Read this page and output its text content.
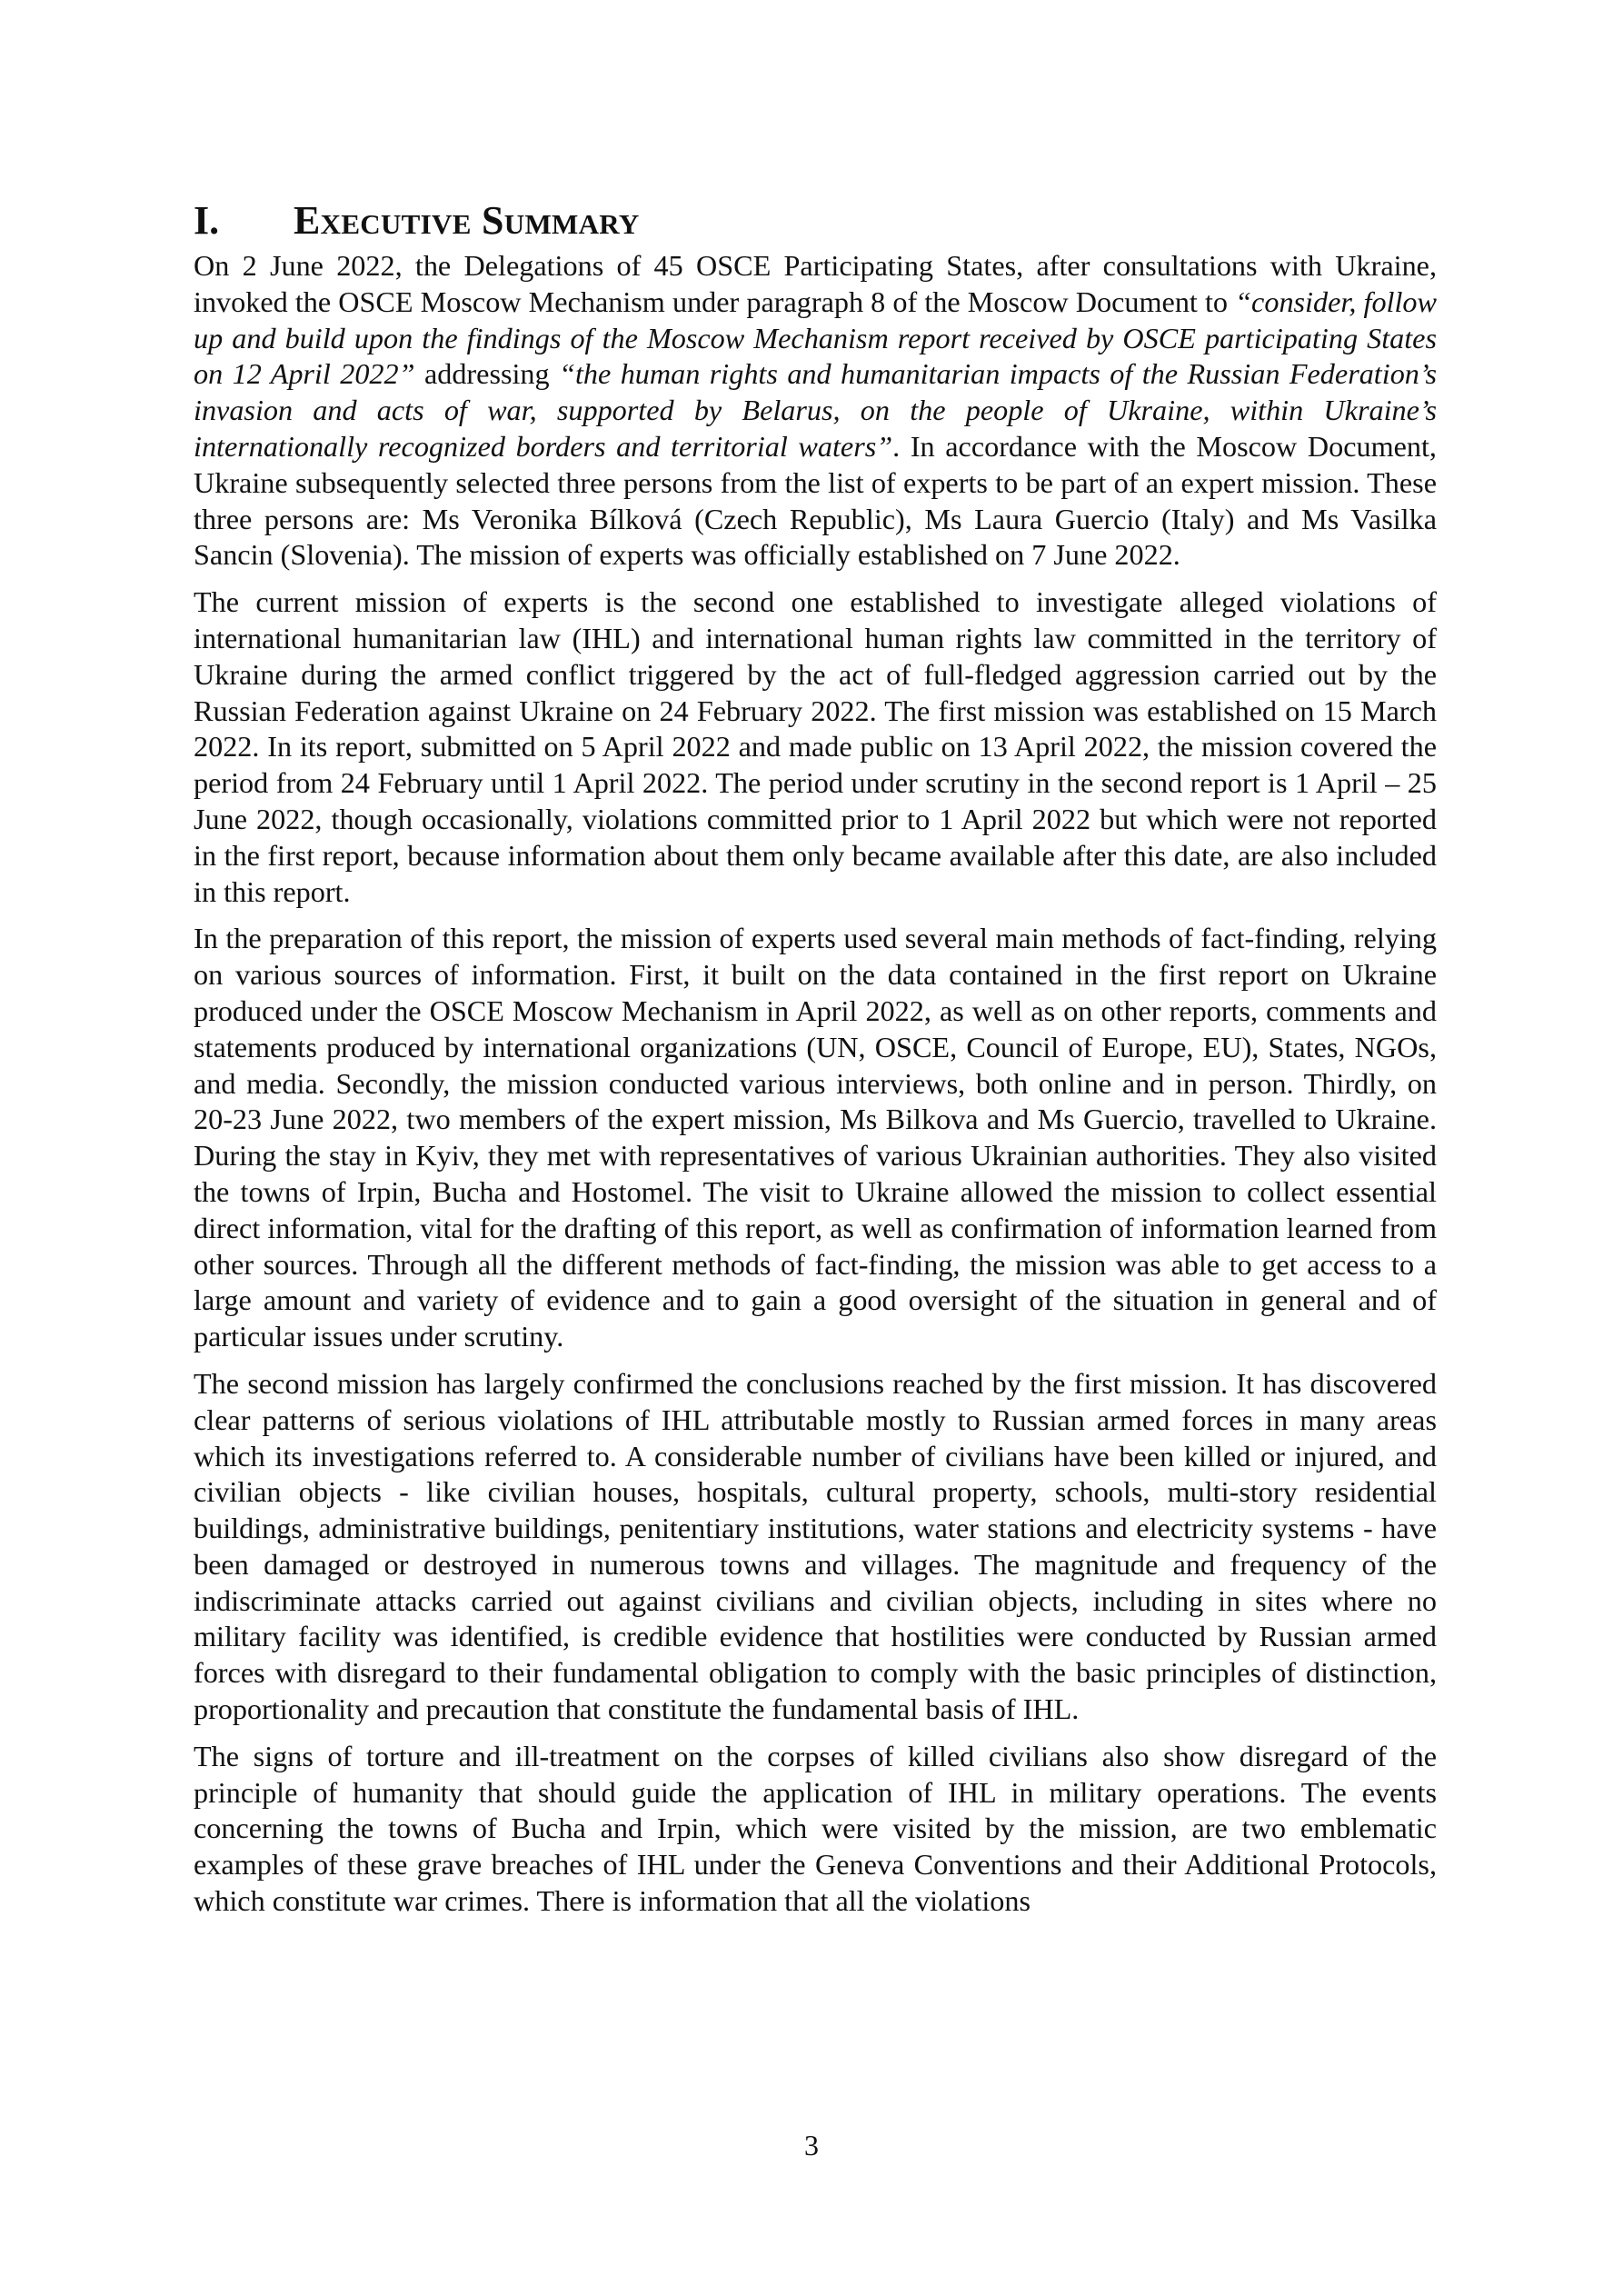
I.	Executive Summary

On 2 June 2022, the Delegations of 45 OSCE Participating States, after consultations with Ukraine, invoked the OSCE Moscow Mechanism under paragraph 8 of the Moscow Document to “consider, follow up and build upon the findings of the Moscow Mechanism report received by OSCE participating States on 12 April 2022” addressing “the human rights and humanitarian impacts of the Russian Federation’s invasion and acts of war, supported by Belarus, on the people of Ukraine, within Ukraine’s internationally recognized borders and territorial waters”. In accordance with the Moscow Document, Ukraine subsequently selected three persons from the list of experts to be part of an expert mission. These three persons are: Ms Veronika Bílková (Czech Republic), Ms Laura Guercio (Italy) and Ms Vasilka Sancin (Slovenia). The mission of experts was officially established on 7 June 2022.

The current mission of experts is the second one established to investigate alleged violations of international humanitarian law (IHL) and international human rights law committed in the territory of Ukraine during the armed conflict triggered by the act of full-fledged aggression carried out by the Russian Federation against Ukraine on 24 February 2022. The first mission was established on 15 March 2022. In its report, submitted on 5 April 2022 and made public on 13 April 2022, the mission covered the period from 24 February until 1 April 2022. The period under scrutiny in the second report is 1 April – 25 June 2022, though occasionally, violations committed prior to 1 April 2022 but which were not reported in the first report, because information about them only became available after this date, are also included in this report.

In the preparation of this report, the mission of experts used several main methods of fact-finding, relying on various sources of information. First, it built on the data contained in the first report on Ukraine produced under the OSCE Moscow Mechanism in April 2022, as well as on other reports, comments and statements produced by international organizations (UN, OSCE, Council of Europe, EU), States, NGOs, and media. Secondly, the mission conducted various interviews, both online and in person. Thirdly, on 20-23 June 2022, two members of the expert mission, Ms Bilkova and Ms Guercio, travelled to Ukraine. During the stay in Kyiv, they met with representatives of various Ukrainian authorities. They also visited the towns of Irpin, Bucha and Hostomel. The visit to Ukraine allowed the mission to collect essential direct information, vital for the drafting of this report, as well as confirmation of information learned from other sources. Through all the different methods of fact-finding, the mission was able to get access to a large amount and variety of evidence and to gain a good oversight of the situation in general and of particular issues under scrutiny.

The second mission has largely confirmed the conclusions reached by the first mission. It has discovered clear patterns of serious violations of IHL attributable mostly to Russian armed forces in many areas which its investigations referred to. A considerable number of civilians have been killed or injured, and civilian objects - like civilian houses, hospitals, cultural property, schools, multi-story residential buildings, administrative buildings, penitentiary institutions, water stations and electricity systems - have been damaged or destroyed in numerous towns and villages. The magnitude and frequency of the indiscriminate attacks carried out against civilians and civilian objects, including in sites where no military facility was identified, is credible evidence that hostilities were conducted by Russian armed forces with disregard to their fundamental obligation to comply with the basic principles of distinction, proportionality and precaution that constitute the fundamental basis of IHL.

The signs of torture and ill-treatment on the corpses of killed civilians also show disregard of the principle of humanity that should guide the application of IHL in military operations. The events concerning the towns of Bucha and Irpin, which were visited by the mission, are two emblematic examples of these grave breaches of IHL under the Geneva Conventions and their Additional Protocols, which constitute war crimes. There is information that all the violations

3
